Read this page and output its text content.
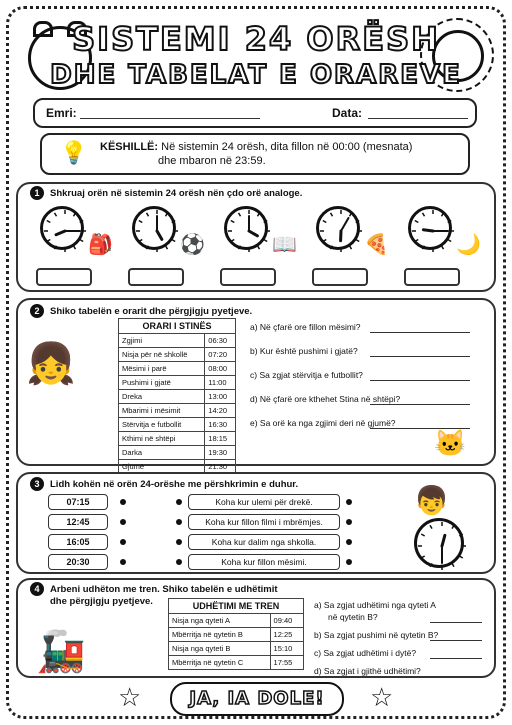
SISTEMI 24 ORËSH
DHE TABELAT E ORAREVE
Emri:	Data:
💡 KËSHILLË: Në sistemin 24 orësh, dita fillon në 00:00 (mesnata)
dhe mbaron në 23:59.
1	Shkruaj orën në sistemin 24 orësh nën çdo orë analoge.
🎒	⚽	📖	🍕	🌙
2	Shiko tabelën e orarit dhe përgjigju pyetjeve.
👧
ORARI I STINËS	
Zgjimi	06:30
Nisja për në shkollë	07:20
Mësimi i parë	08:00
Pushimi i gjatë	11:00
Dreka	13:00
Mbarimi i mësimit	14:20
Stërvitja e futbollit	16:30
Kthimi në shtëpi	18:15
Darka	19:30
Gjumë	21:30
a) Në çfarë ore fillon mësimi?
b) Kur është pushimi i gjatë?
c) Sa zgjat stërvitja e futbollit?
d) Në çfarë ore kthehet Stina në shtëpi?
e) Sa orë ka nga zgjimi deri në gjumë?
🐱
3	Lidh kohën në orën 24-orëshe me përshkrimin e duhur.
07:15	Koha kur ulemi për drekë.
12:45	Koha kur fillon filmi i mbrëmjes.
16:05	Koha kur dalim nga shkolla.
20:30	Koha kur fillon mësimi.
👦
4	Arbeni udhëton me tren. Shiko tabelën e udhëtimit
dhe përgjigju pyetjeve.
🚂
UDHËTIMI ME TREN	
Nisja nga qyteti A	09:40
Mbërritja në qytetin B	12:25
Nisja nga qyteti B	15:10
Mbërritja në qytetin C	17:55
a) Sa zgjat udhëtimi nga qyteti A
në qytetin B?
b) Sa zgjat pushimi në qytetin B?
c) Sa zgjat udhëtimi i dytë?
d) Sa zgjat i gjithë udhëtimi?
☆	JA, IA DOLE!	☆
